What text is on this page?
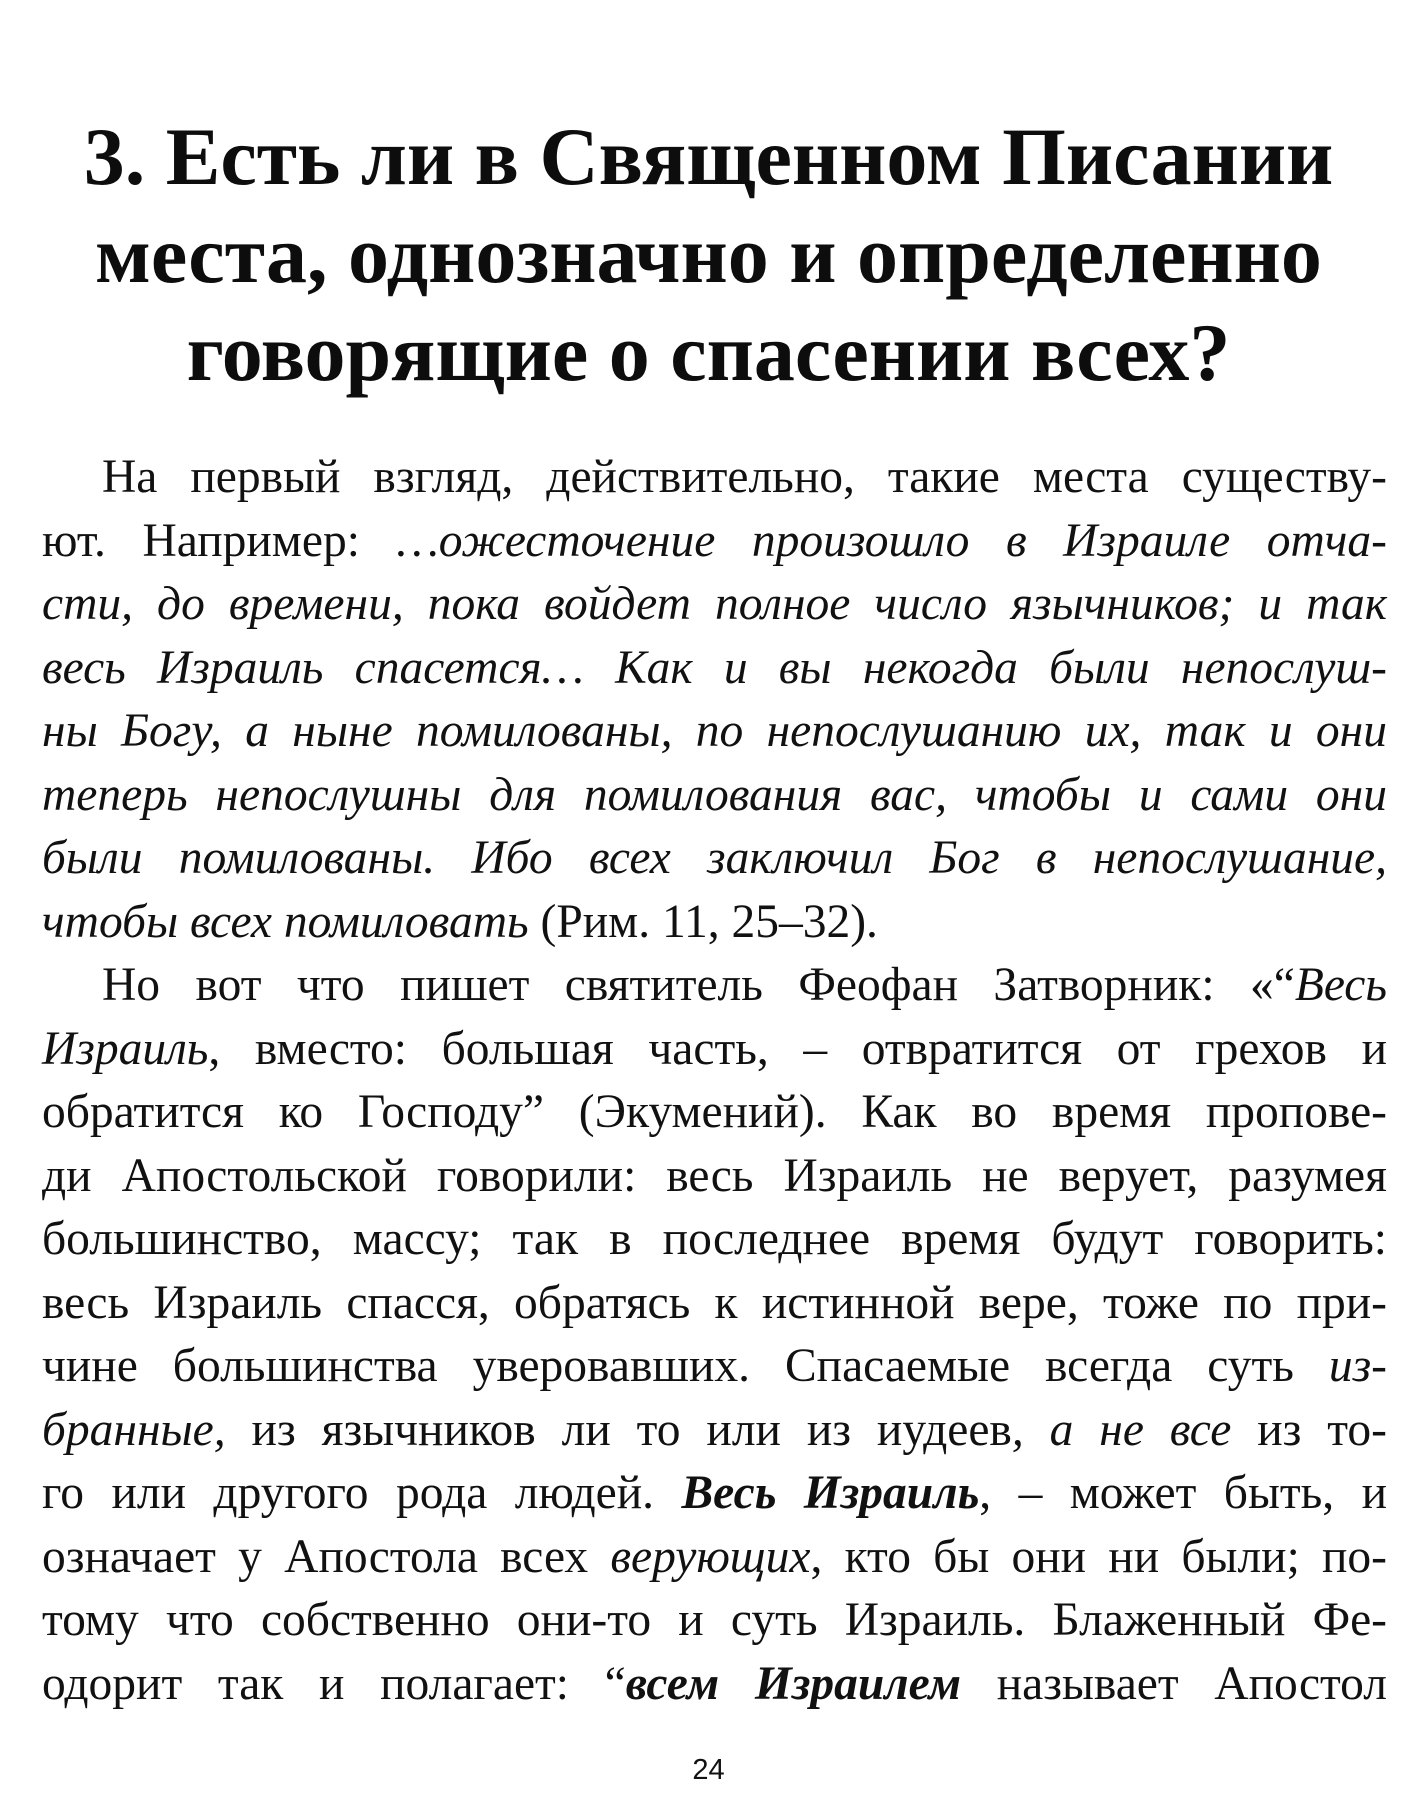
3. Есть ли в Священном Писании
места, однозначно и определенно
говорящие о спасении всех?
На первый взгляд, действительно, такие места существу-
ют. Например: …ожесточение произошло в Израиле отча-
сти, до времени, пока войдет полное число язычников; и так
весь Израиль спасется… Как и вы некогда были непослуш-
ны Богу, а ныне помилованы, по непослушанию их, так и они
теперь непослушны для помилования вас, чтобы и сами они
были помилованы. Ибо всех заключил Бог в непослушание,
чтобы всех помиловать (Рим. 11, 25–32).
Но вот что пишет святитель Феофан Затворник: «“Весь
Израиль, вместо: большая часть, – отвратится от грехов и
обратится ко Господу” (Экумений). Как во время пропове-
ди Апостольской говорили: весь Израиль не верует, разумея
большинство, массу; так в последнее время будут говорить:
весь Израиль спасся, обратясь к истинной вере, тоже по при-
чине большинства уверовавших. Спасаемые всегда суть из-
бранные, из язычников ли то или из иудеев, а не все из то-
го или другого рода людей. Весь Израиль, – может быть, и
означает у Апостола всех верующих, кто бы они ни были; по-
тому что собственно они-то и суть Израиль. Блаженный Фе-
одорит так и полагает: “всем Израилем называет Апостол
24
